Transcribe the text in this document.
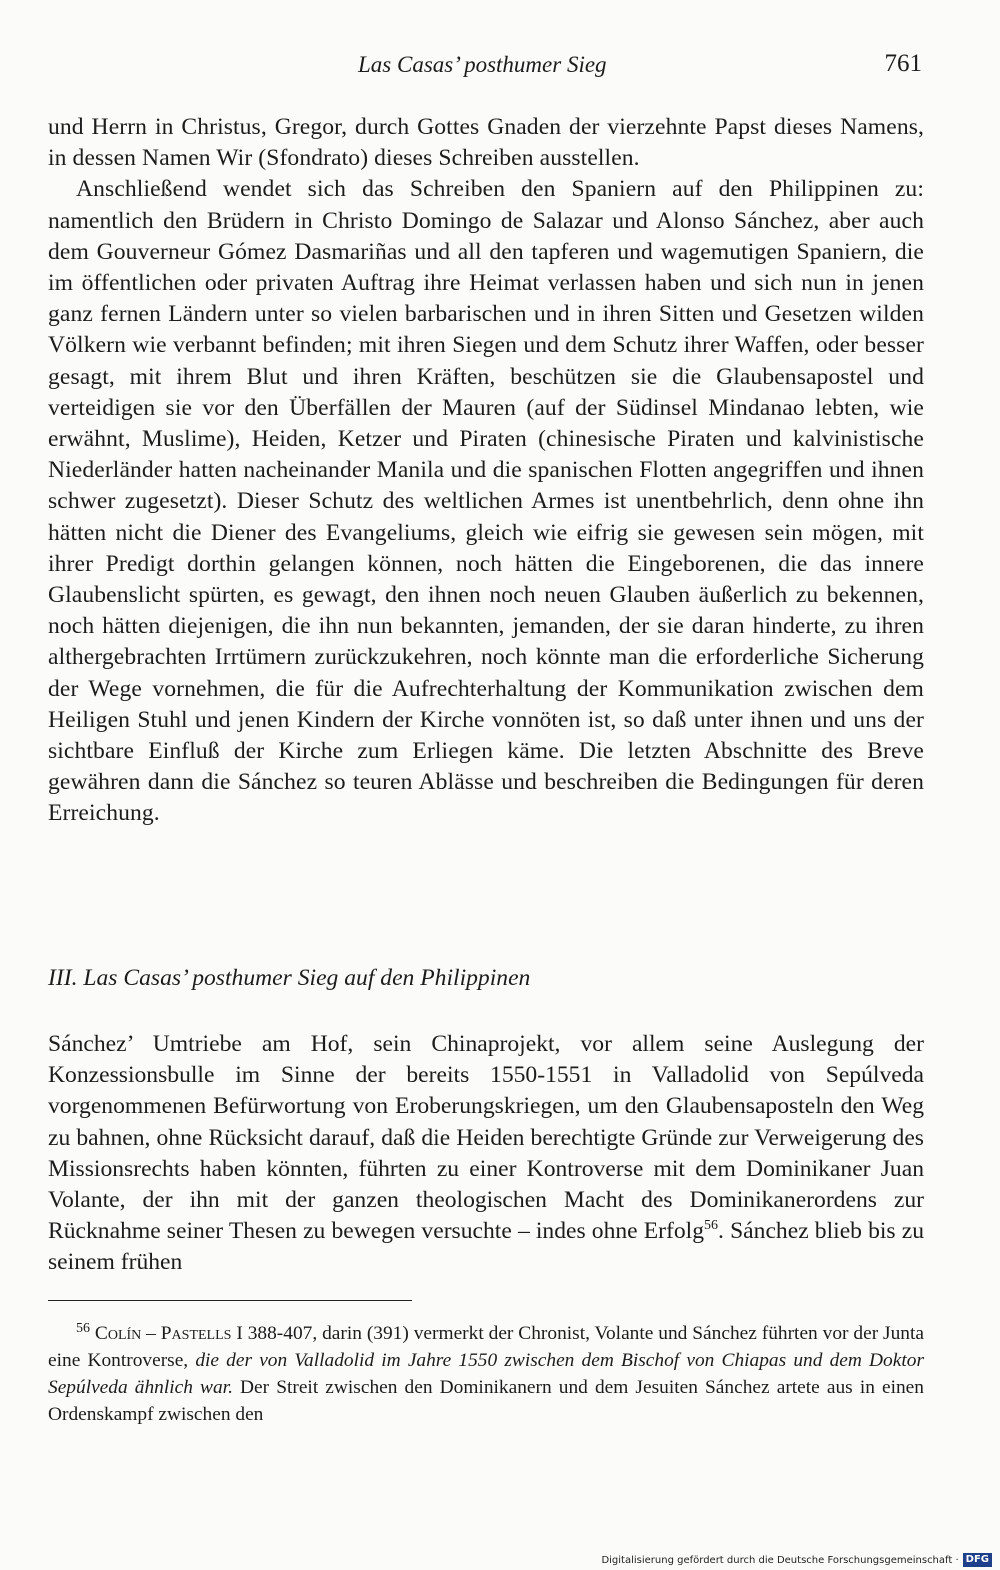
Las Casas’ posthumer Sieg	761

und Herrn in Christus, Gregor, durch Gottes Gnaden der vierzehnte Papst dieses Namens, in dessen Namen Wir (Sfondrato) dieses Schreiben ausstellen.

Anschließend wendet sich das Schreiben den Spaniern auf den Philippinen zu: namentlich den Brüdern in Christo Domingo de Salazar und Alonso Sánchez, aber auch dem Gouverneur Gómez Dasmariñas und all den tapferen und wagemutigen Spaniern, die im öffentlichen oder privaten Auftrag ihre Heimat verlassen haben und sich nun in jenen ganz fernen Ländern unter so vielen barbarischen und in ihren Sitten und Gesetzen wilden Völkern wie verbannt befinden; mit ihren Siegen und dem Schutz ihrer Waffen, oder besser gesagt, mit ihrem Blut und ihren Kräften, beschützen sie die Glaubensapostel und verteidigen sie vor den Überfällen der Mauren (auf der Südinsel Mindanao lebten, wie erwähnt, Muslime), Heiden, Ketzer und Piraten (chinesische Piraten und kalvinistische Niederländer hatten nacheinander Manila und die spanischen Flotten angegriffen und ihnen schwer zugesetzt). Dieser Schutz des weltlichen Armes ist unentbehrlich, denn ohne ihn hätten nicht die Diener des Evangeliums, gleich wie eifrig sie gewesen sein mögen, mit ihrer Predigt dorthin gelangen können, noch hätten die Eingeborenen, die das innere Glaubenslicht spürten, es gewagt, den ihnen noch neuen Glauben äußerlich zu bekennen, noch hätten diejenigen, die ihn nun bekannten, jemanden, der sie daran hinderte, zu ihren althergebrachten Irrtümern zurückzukehren, noch könnte man die erforderliche Sicherung der Wege vornehmen, die für die Aufrechterhaltung der Kommunikation zwischen dem Heiligen Stuhl und jenen Kindern der Kirche vonnöten ist, so daß unter ihnen und uns der sichtbare Einfluß der Kirche zum Erliegen käme. Die letzten Abschnitte des Breve gewähren dann die Sánchez so teuren Ablässe und beschreiben die Bedingungen für deren Erreichung.

III. Las Casas’ posthumer Sieg auf den Philippinen

Sánchez’ Umtriebe am Hof, sein Chinaprojekt, vor allem seine Auslegung der Konzessionsbulle im Sinne der bereits 1550-1551 in Valladolid von Sepúlveda vorgenommenen Befürwortung von Eroberungskriegen, um den Glaubensaposteln den Weg zu bahnen, ohne Rücksicht darauf, daß die Heiden berechtigte Gründe zur Verweigerung des Missionsrechts haben könnten, führten zu einer Kontroverse mit dem Dominikaner Juan Volante, der ihn mit der ganzen theologischen Macht des Dominikanerordens zur Rücknahme seiner Thesen zu bewegen versuchte – indes ohne Erfolg$^{56}$. Sánchez blieb bis zu seinem frühen

$^{56}$ Colín – Pastells I 388-407, darin (391) vermerkt der Chronist, Volante und Sánchez führten vor der Junta eine Kontroverse, die der von Valladolid im Jahre 1550 zwischen dem Bischof von Chiapas und dem Doktor Sepúlveda ähnlich war. Der Streit zwischen den Dominikanern und dem Jesuiten Sánchez artete aus in einen Ordenskampf zwischen den

Digitalisierung gefördert durch die Deutsche Forschungsgemeinschaft · DFG
